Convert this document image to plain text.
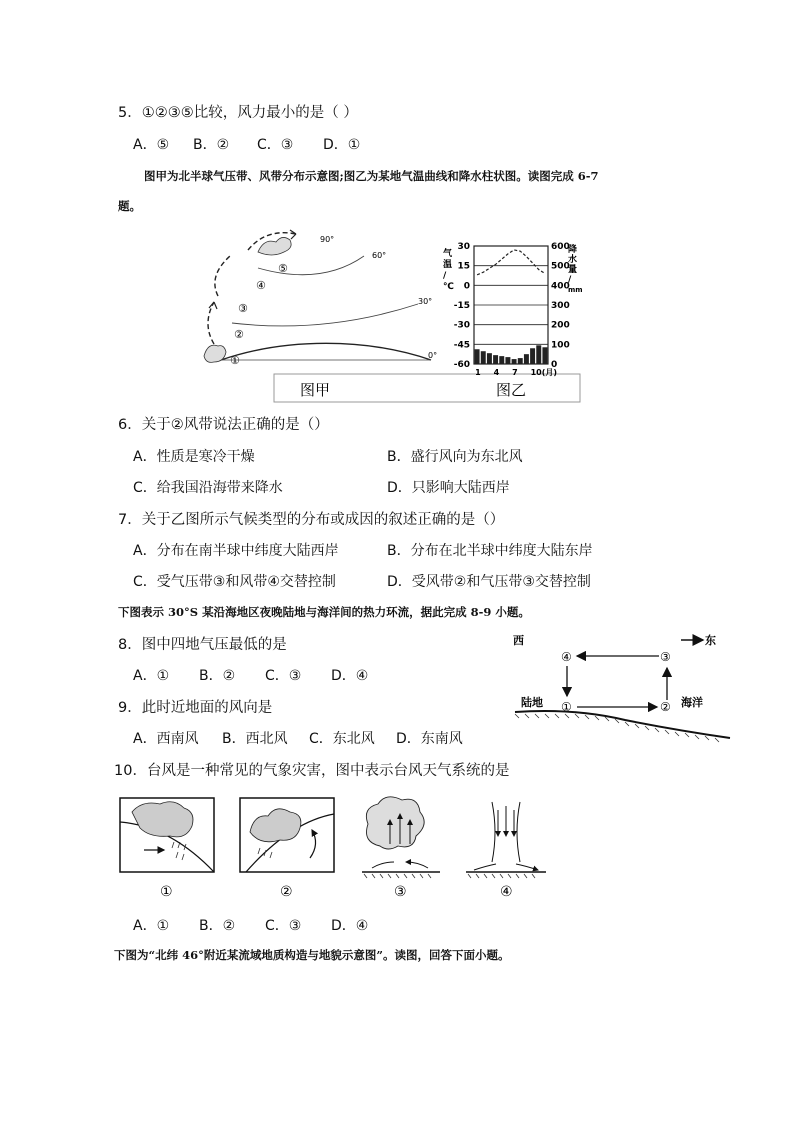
5．①②③⑤比较，风力最小的是（ ）
A．⑤ B．② C．③ D．①
图甲为北半球气压带、风带分布示意图;图乙为某地气温曲线和降水柱状图。读图完成 6-7
题。
90°
60°
30°
0°
①
②
③
④
⑤
图甲
气
温
/
℃
降
水
量
/
mm
30	600
15	500
0	400
-15	300
-30	200
-45	100
-60	0
1 4 7 10(月)
图乙
6．关于②风带说法正确的是（）
A．性质是寒冷干燥	B．盛行风向为东北风
C．给我国沿海带来降水	D．只影响大陆西岸
7．关于乙图所示气候类型的分布或成因的叙述正确的是（）
A．分布在南半球中纬度大陆西岸	B．分布在北半球中纬度大陆东岸
C．受气压带③和风带④交替控制	D．受风带②和气压带③交替控制
下图表示 30°S 某沿海地区夜晚陆地与海洋间的热力环流，据此完成 8-9 小题。
8．图中四地气压最低的是
A．① B．② C．③ D．④
9．此时近地面的风向是
A．西南风 B．西北风 C．东北风 D．东南风
西	东
④	③
①	②
陆地	海洋
10．台风是一种常见的气象灾害，图中表示台风天气系统的是
①	②	③	④
A．① B．② C．③ D．④
下图为“北纬 46°附近某流域地质构造与地貌示意图”。读图，回答下面小题。
